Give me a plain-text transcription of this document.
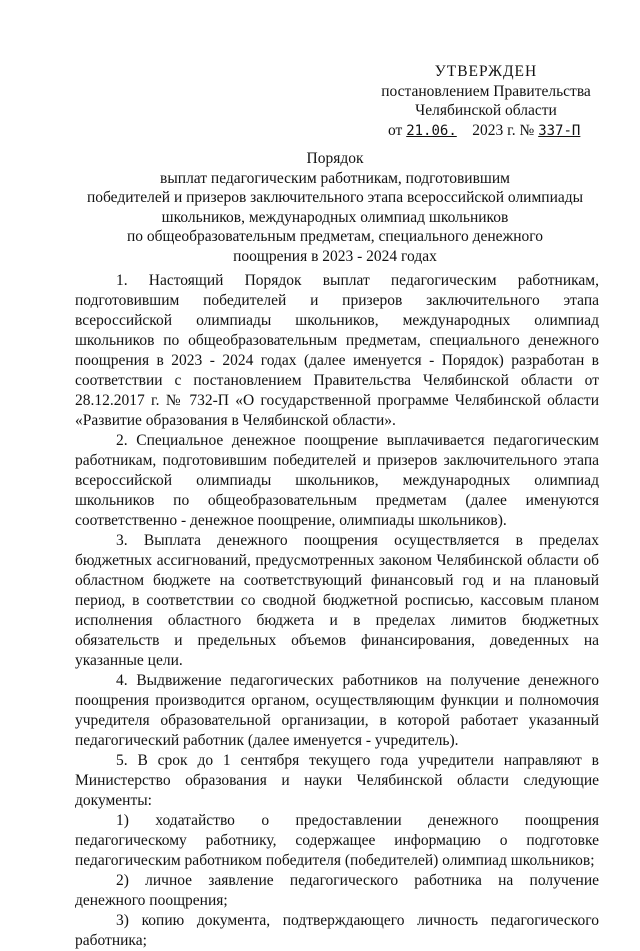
УТВЕРЖДЕН
постановлением Правительства
Челябинской области
от 21.06. 2023 г. № 337-П
Порядок
выплат педагогическим работникам, подготовившим
победителей и призеров заключительного этапа всероссийской олимпиады
школьников, международных олимпиад школьников
по общеобразовательным предметам, специального денежного
поощрения в 2023 - 2024 годах

1. Настоящий Порядок выплат педагогическим работникам, подготовившим победителей и призеров заключительного этапа всероссийской олимпиады школьников, международных олимпиад школьников по общеобразовательным предметам, специального денежного поощрения в 2023 - 2024 годах (далее именуется - Порядок) разработан в соответствии с постановлением Правительства Челябинской области от 28.12.2017 г. № 732-П «О государственной программе Челябинской области «Развитие образования в Челябинской области».

2. Специальное денежное поощрение выплачивается педагогическим работникам, подготовившим победителей и призеров заключительного этапа всероссийской олимпиады школьников, международных олимпиад школьников по общеобразовательным предметам (далее именуются соответственно - денежное поощрение, олимпиады школьников).

3. Выплата денежного поощрения осуществляется в пределах бюджетных ассигнований, предусмотренных законом Челябинской области об областном бюджете на соответствующий финансовый год и на плановый период, в соответствии со сводной бюджетной росписью, кассовым планом исполнения областного бюджета и в пределах лимитов бюджетных обязательств и предельных объемов финансирования, доведенных на указанные цели.

4. Выдвижение педагогических работников на получение денежного поощрения производится органом, осуществляющим функции и полномочия учредителя образовательной организации, в которой работает указанный педагогический работник (далее именуется - учредитель).

5. В срок до 1 сентября текущего года учредители направляют в Министерство образования и науки Челябинской области следующие документы:

1) ходатайство о предоставлении денежного поощрения педагогическому работнику, содержащее информацию о подготовке педагогическим работником победителя (победителей) олимпиад школьников;

2) личное заявление педагогического работника на получение денежного поощрения;

3) копию документа, подтверждающего личность педагогического работника;
